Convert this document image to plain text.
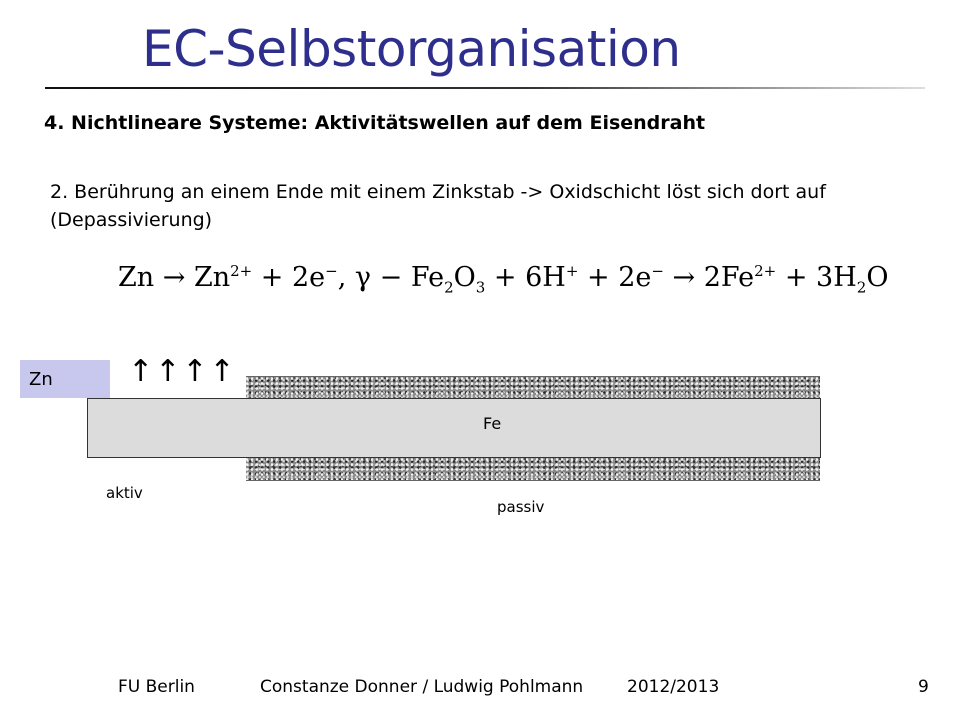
EC-Selbstorganisation
4. Nichtlineare Systeme: Aktivitätswellen auf dem Eisendraht
2. Berührung an einem Ende mit einem Zinkstab -> Oxidschicht löst sich dort auf (Depassivierung)
$Zn \to Zn^{2+} + 2e^-$, $\gamma - Fe_2O_3 + 6H^+ + 2e^- \to 2Fe^{2+} + 3H_2O$
Zn	↑↑↑↑
Fe
aktiv
passiv
FU Berlin	Constanze Donner / Ludwig Pohlmann	2012/2013	9
